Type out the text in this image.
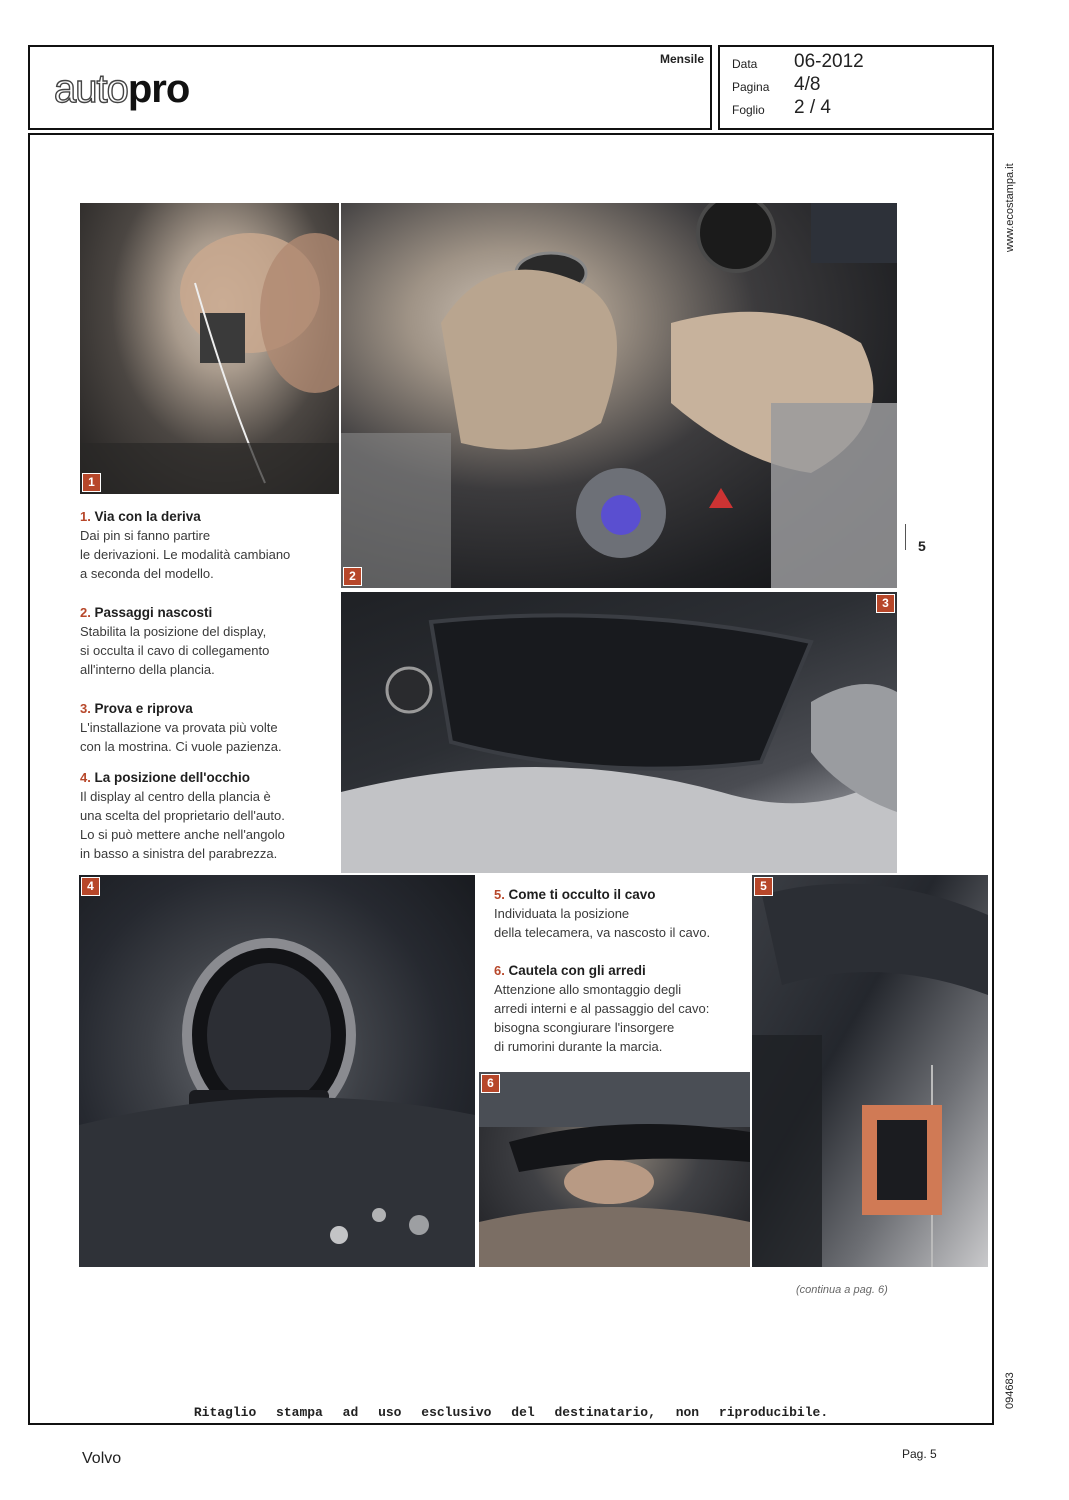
autopro
Mensile Data 06-2012
Pagina 4/8
Foglio 2 / 4
www.ecostampa.it
094683
1
2
3
4	5
6
1. Via con la deriva
Dai pin si fanno partire
le derivazioni. Le modalità cambiano
a seconda del modello.
2. Passaggi nascosti
Stabilita la posizione del display,
si occulta il cavo di collegamento
all'interno della plancia.
3. Prova e riprova
L'installazione va provata più volte
con la mostrina. Ci vuole pazienza.
4. La posizione dell'occhio
Il display al centro della plancia è
una scelta del proprietario dell'auto.
Lo si può mettere anche nell'angolo
in basso a sinistra del parabrezza.
5. Come ti occulto il cavo
Individuata la posizione
della telecamera, va nascosto il cavo.
6. Cautela con gli arredi
Attenzione allo smontaggio degli
arredi interni e al passaggio del cavo:
bisogna scongiurare l'insorgere
di rumorini durante la marcia.
5
(continua a pag. 6)
Ritaglio stampa ad uso esclusivo del destinatario, non riproducibile.
Volvo	Pag. 5
